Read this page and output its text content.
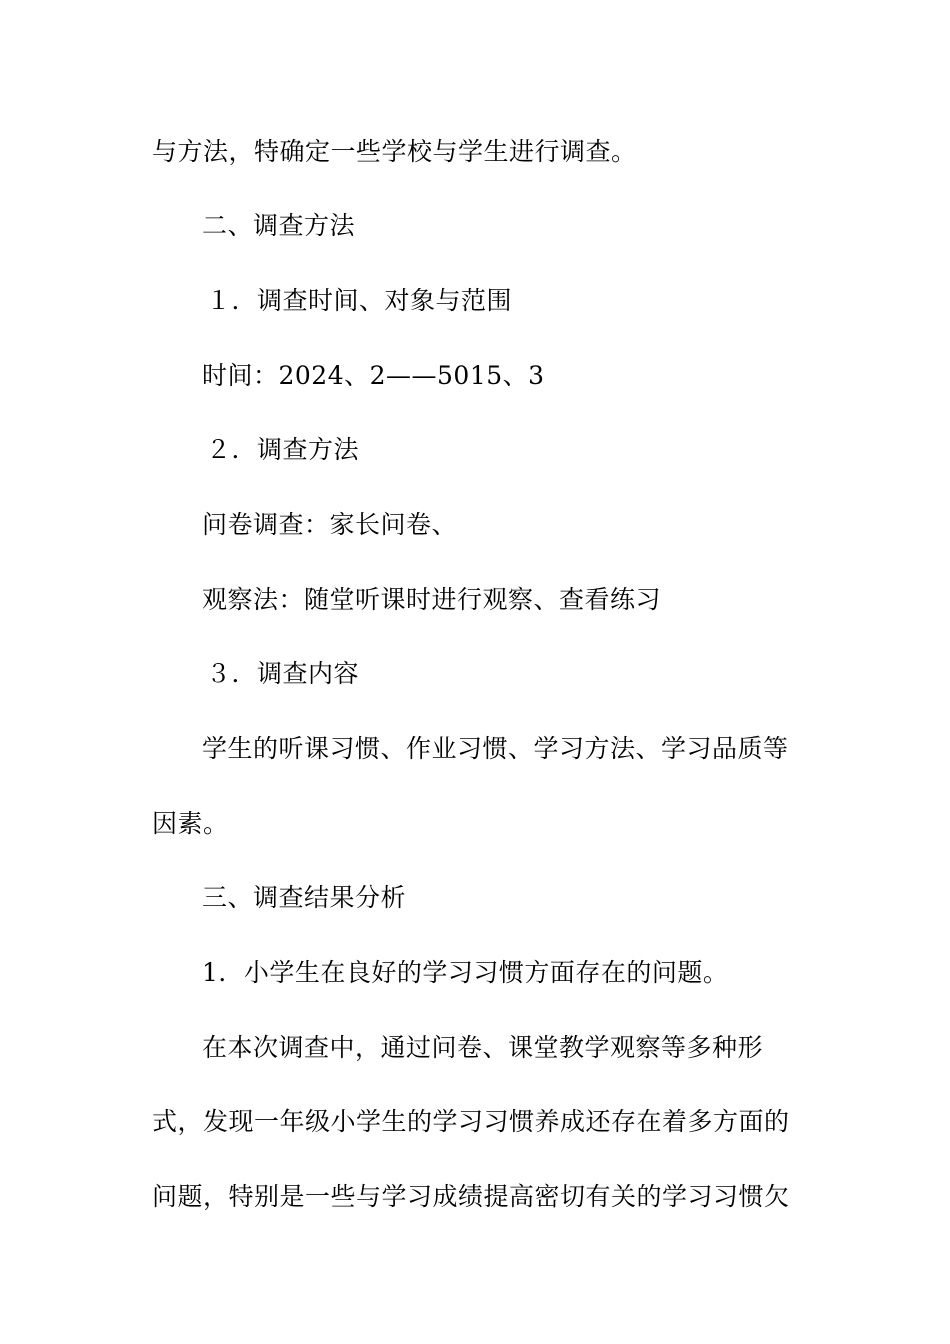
与方法，特确定一些学校与学生进行调查。
二、调查方法
１．调查时间、对象与范围
时间：2024、2——5015、3
２．调查方法
问卷调查：家长问卷、
观察法：随堂听课时进行观察、查看练习
３．调查内容
学生的听课习惯、作业习惯、学习方法、学习品质等
因素。
三、调查结果分析
1．小学生在良好的学习习惯方面存在的问题。
在本次调查中，通过问卷、课堂教学观察等多种形
式，发现一年级小学生的学习习惯养成还存在着多方面的
问题，特别是一些与学习成绩提高密切有关的学习习惯欠
